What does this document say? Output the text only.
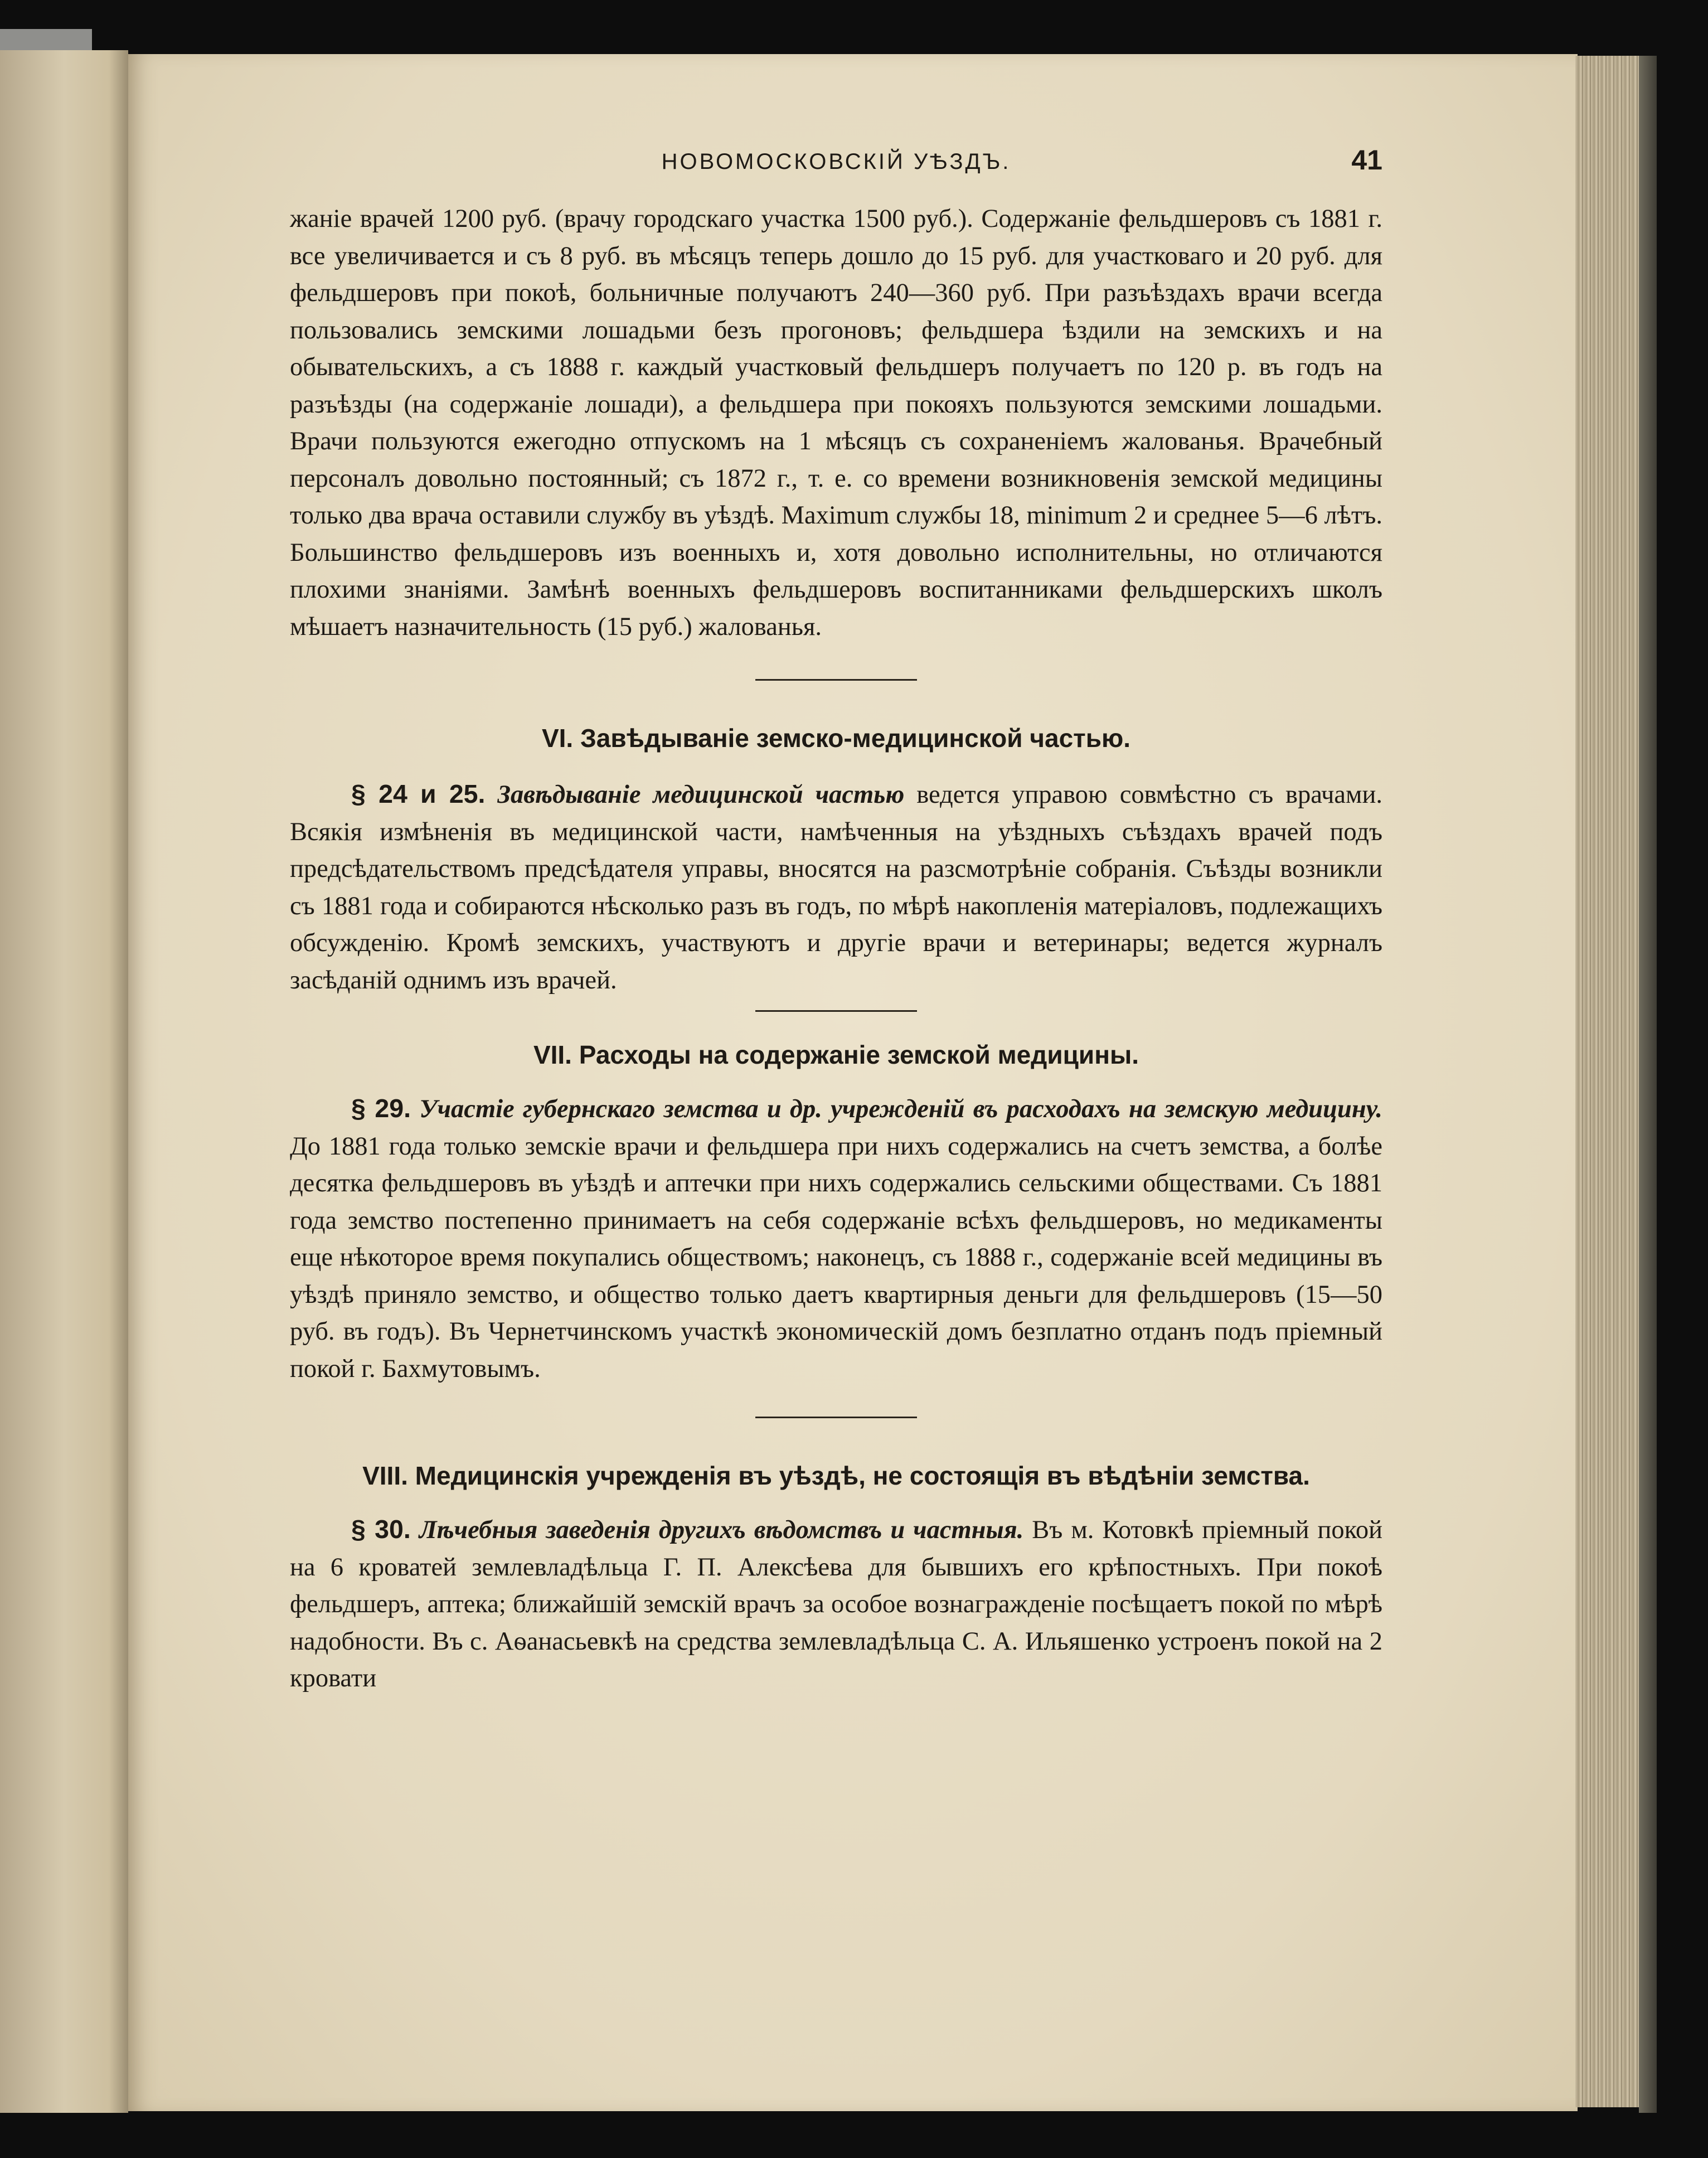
НОВОМОСКОВСКІЙ УѢЗДЪ.	41

жаніе врачей 1200 руб. (врачу городскаго участка 1500 руб.). Содержаніе фельдшеровъ съ 1881 г. все увеличивается и съ 8 руб. въ мѣсяцъ теперь дошло до 15 руб. для участковаго и 20 руб. для фельдшеровъ при покоѣ, больничные получаютъ 240—360 руб. При разъѣздахъ врачи всегда пользовались земскими лошадьми безъ прогоновъ; фельдшера ѣздили на земскихъ и на обывательскихъ, а съ 1888 г. каждый участковый фельдшеръ получаетъ по 120 р. въ годъ на разъѣзды (на содержаніе лошади), а фельдшера при покояхъ пользуются земскими лошадьми. Врачи пользуются ежегодно отпускомъ на 1 мѣсяцъ съ сохраненіемъ жалованья. Врачебный персоналъ довольно постоянный; съ 1872 г., т. е. со времени возникновенія земской медицины только два врача оставили службу въ уѣздѣ. Maximum службы 18, minimum 2 и среднее 5—6 лѣтъ. Большинство фельдшеровъ изъ военныхъ и, хотя довольно исполнительны, но отличаются плохими знаніями. Замѣнѣ военныхъ фельдшеровъ воспитанниками фельдшерскихъ школъ мѣшаетъ назначительность (15 руб.) жалованья.

VI. Завѣдываніе земско-медицинской частью.

§ 24 и 25. Завѣдываніе медицинской частью ведется управою совмѣстно съ врачами. Всякія измѣненія въ медицинской части, намѣченныя на уѣздныхъ съѣздахъ врачей подъ предсѣдательствомъ предсѣдателя управы, вносятся на разсмотрѣніе собранія. Съѣзды возникли съ 1881 года и собираются нѣсколько разъ въ годъ, по мѣрѣ накопленія матеріаловъ, подлежащихъ обсужденію. Кромѣ земскихъ, участвуютъ и другіе врачи и ветеринары; ведется журналъ засѣданій однимъ изъ врачей.

VII. Расходы на содержаніе земской медицины.

§ 29. Участіе губернскаго земства и др. учрежденій въ расходахъ на земскую медицину. До 1881 года только земскіе врачи и фельдшера при нихъ содержались на счетъ земства, а болѣе десятка фельдшеровъ въ уѣздѣ и аптечки при нихъ содержались сельскими обществами. Съ 1881 года земство постепенно принимаетъ на себя содержаніе всѣхъ фельдшеровъ, но медикаменты еще нѣкоторое время покупались обществомъ; наконецъ, съ 1888 г., содержаніе всей медицины въ уѣздѣ приняло земство, и общество только даетъ квартирныя деньги для фельдшеровъ (15—50 руб. въ годъ). Въ Чернетчинскомъ участкѣ экономическій домъ безплатно отданъ подъ пріемный покой г. Бахмутовымъ.

VIII. Медицинскія учрежденія въ уѣздѣ, не состоящія въ вѣдѣніи земства.

§ 30. Лѣчебныя заведенія другихъ вѣдомствъ и частныя. Въ м. Котовкѣ пріемный покой на 6 кроватей землевладѣльца Г. П. Алексѣева для бывшихъ его крѣпостныхъ. При покоѣ фельдшеръ, аптека; ближайшій земскій врачъ за особое вознагражденіе посѣщаетъ покой по мѣрѣ надобности. Въ с. Аѳанасьевкѣ на средства землевладѣльца С. А. Ильяшенко устроенъ покой на 2 кровати
